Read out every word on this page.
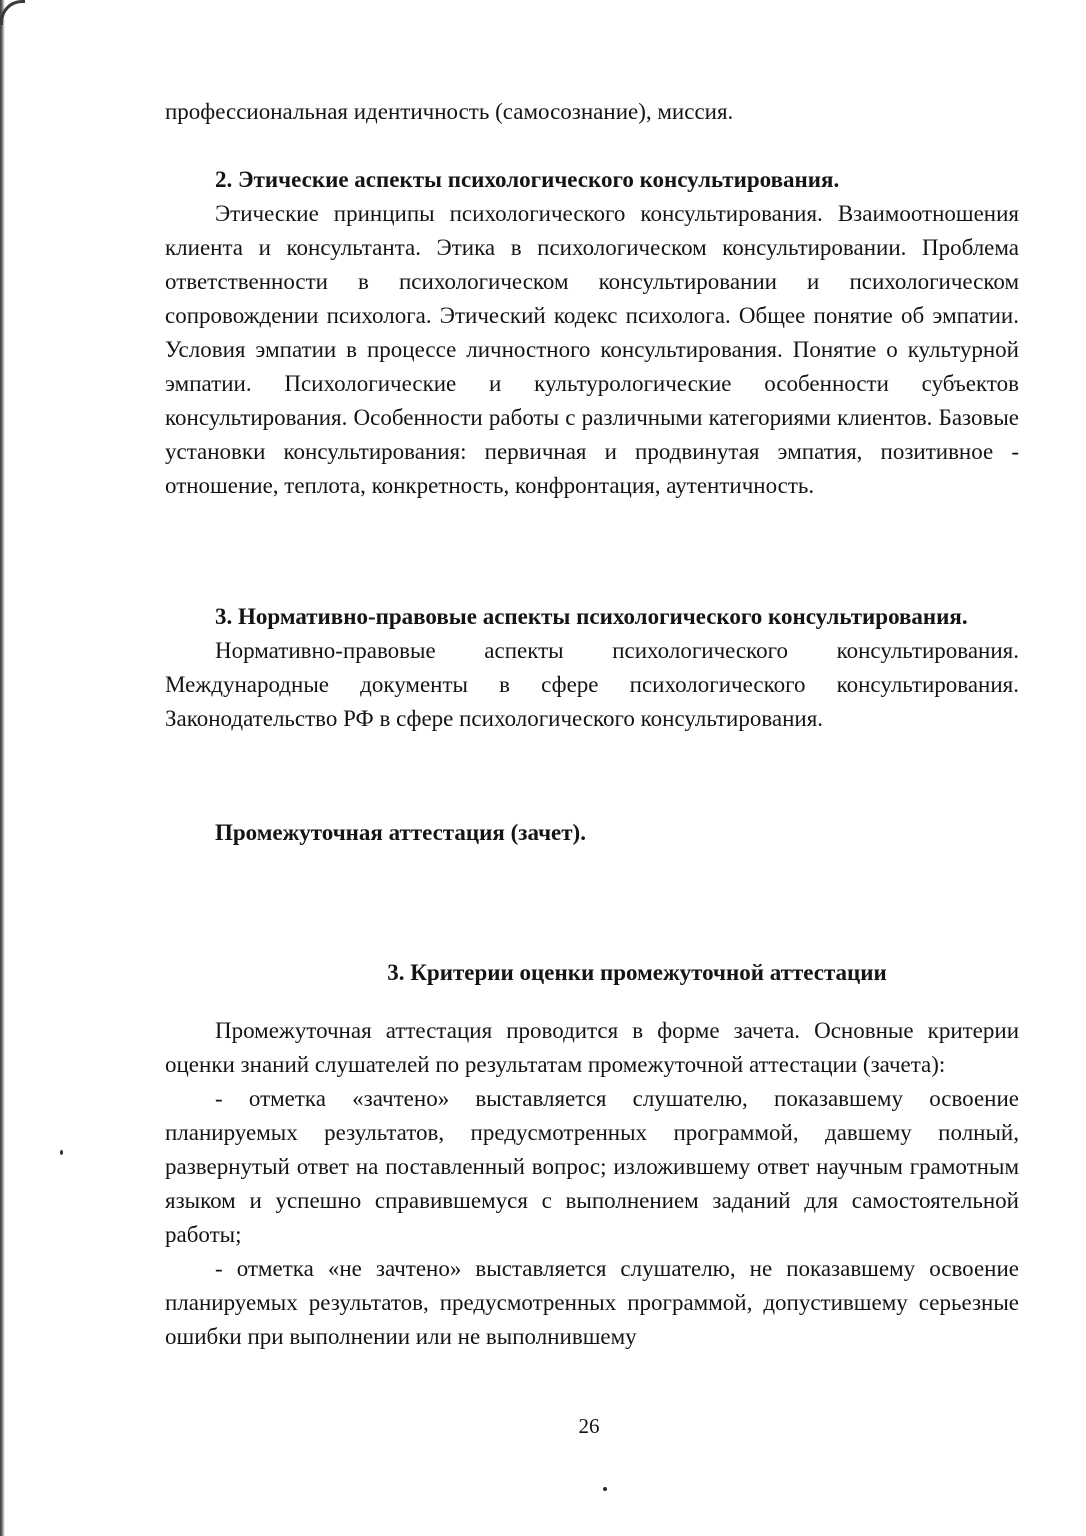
профессиональная идентичность (самосознание), миссия.

2. Этические аспекты психологического консультирования.

Этические принципы психологического консультирования. Взаимоотношения клиента и консультанта. Этика в психологическом консультировании. Проблема ответственности в психологическом консультировании и психологическом сопровождении психолога. Этический кодекс психолога. Общее понятие об эмпатии. Условия эмпатии в процессе личностного консультирования. Понятие о культурной эмпатии. Психологические и культурологические особенности субъектов консультирования. Особенности работы с различными категориями клиентов. Базовые установки консультирования: первичная и продвинутая эмпатия, позитивное - отношение, теплота, конкретность, конфронтация, аутентичность.

3. Нормативно-правовые аспекты психологического консультирования.

Нормативно-правовые аспекты психологического консультирования. Международные документы в сфере психологического консультирования. Законодательство РФ в сфере психологического консультирования.

Промежуточная аттестация (зачет).

3. Критерии оценки промежуточной аттестации

Промежуточная аттестация проводится в форме зачета. Основные критерии оценки знаний слушателей по результатам промежуточной аттестации (зачета):

- отметка «зачтено» выставляется слушателю, показавшему освоение планируемых результатов, предусмотренных программой, давшему полный, развернутый ответ на поставленный вопрос; изложившему ответ научным грамотным языком и успешно справившемуся с выполнением заданий для самостоятельной работы;

- отметка «не зачтено» выставляется слушателю, не показавшему освоение планируемых результатов, предусмотренных программой, допустившему серьезные ошибки при выполнении или не выполнившему

26
